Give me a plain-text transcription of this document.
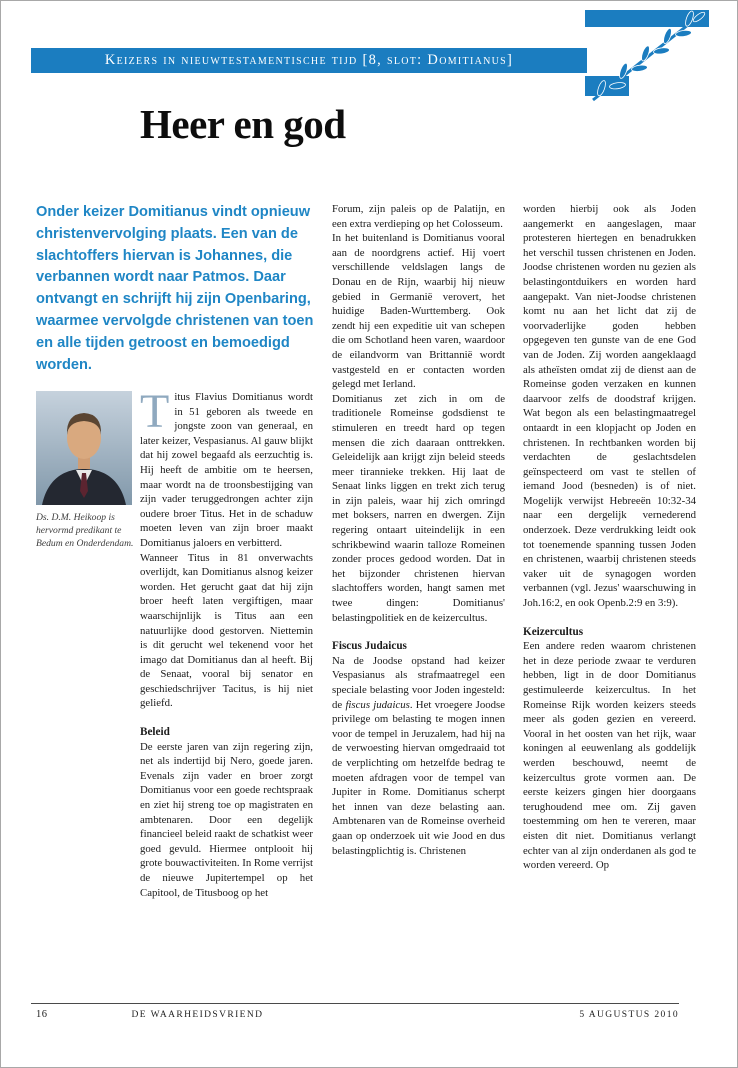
Keizers in nieuwtestamentische tijd [8, slot: Domitianus]
Heer en god

Onder keizer Domitianus vindt opnieuw christenvervolging plaats. Een van de slachtoffers hiervan is Johannes, die verbannen wordt naar Patmos. Daar ontvangt en schrijft hij zijn Openbaring, waarmee vervolgde christenen van toen en alle tijden getroost en bemoedigd worden.

Ds. D.M. Heikoop is hervormd predikant te Bedum en Onderdendam.

Titus Flavius Domitianus wordt in 51 geboren als tweede en jongste zoon van generaal, en later keizer, Vespasianus. Al gauw blijkt dat hij zowel begaafd als eerzuchtig is. Hij heeft de ambitie om te heersen, maar wordt na de troonsbestijging van zijn vader teruggedrongen achter zijn oudere broer Titus. Het in de schaduw moeten leven van zijn broer maakt Domitianus jaloers en verbitterd.

Wanneer Titus in 81 onverwachts overlijdt, kan Domitianus alsnog keizer worden. Het gerucht gaat dat hij zijn broer heeft laten vergiftigen, maar waarschijnlijk is Titus aan een natuurlijke dood gestorven. Niettemin is dit gerucht wel tekenend voor het imago dat Domitianus dan al heeft. Bij de Senaat, vooral bij senator en geschiedschrijver Tacitus, is hij niet geliefd.

Beleid

De eerste jaren van zijn regering zijn, net als indertijd bij Nero, goede jaren. Evenals zijn vader en broer zorgt Domitianus voor een goede rechtspraak en ziet hij streng toe op magistraten en ambtenaren. Door een degelijk financieel beleid raakt de schatkist weer goed gevuld. Hiermee ontplooit hij grote bouwactiviteiten. In Rome verrijst de nieuwe Jupitertempel op het Capitool, de Titusboog op het

Forum, zijn paleis op de Palatijn, en een extra verdieping op het Colosseum.

In het buitenland is Domitianus vooral aan de noordgrens actief. Hij voert verschillende veldslagen langs de Donau en de Rijn, waarbij hij nieuw gebied in Germanië verovert, het huidige Baden-Wurttemberg. Ook zendt hij een expeditie uit van schepen die om Schotland heen varen, waardoor de eilandvorm van Brittannië wordt vastgesteld en er contacten worden gelegd met Ierland.

Domitianus zet zich in om de traditionele Romeinse godsdienst te stimuleren en treedt hard op tegen mensen die zich daaraan onttrekken. Geleidelijk aan krijgt zijn beleid steeds meer tirannieke trekken. Hij laat de Senaat links liggen en trekt zich terug in zijn paleis, waar hij zich omringd met boksers, narren en dwergen. Zijn regering ontaart uiteindelijk in een schrikbewind waarin talloze Romeinen zonder proces gedood worden. Dat in het bijzonder christenen hiervan slachtoffers worden, hangt samen met twee dingen: Domitianus' belastingpolitiek en de keizercultus.

Fiscus Judaicus

Na de Joodse opstand had keizer Vespasianus als strafmaatregel een speciale belasting voor Joden ingesteld: de fiscus judaicus. Het vroegere Joodse privilege om belasting te mogen innen voor de tempel in Jeruzalem, had hij na de verwoesting hiervan omgedraaid tot de verplichting om hetzelfde bedrag te moeten afdragen voor de tempel van Jupiter in Rome. Domitianus scherpt het innen van deze belasting aan. Ambtenaren van de Romeinse overheid gaan op onderzoek uit wie Jood en dus belastingplichtig is. Christenen

worden hierbij ook als Joden aangemerkt en aangeslagen, maar protesteren hiertegen en benadrukken het verschil tussen christenen en Joden. Joodse christenen worden nu gezien als belastingontduikers en worden hard aangepakt. Van niet-Joodse christenen komt nu aan het licht dat zij de voorvaderlijke goden hebben opgegeven ten gunste van de ene God van de Joden. Zij worden aangeklaagd als atheïsten omdat zij de dienst aan de Romeinse goden verzaken en kunnen daarvoor zelfs de doodstraf krijgen. Wat begon als een belastingmaatregel ontaardt in een klopjacht op Joden en christenen. In rechtbanken worden bij verdachten de geslachtsdelen geïnspecteerd om vast te stellen of iemand Jood (besneden) is of niet. Mogelijk verwijst Hebreeën 10:32-34 naar een dergelijk vernederend onderzoek. Deze verdrukking leidt ook tot toenemende spanning tussen Joden en christenen, waarbij christenen steeds vaker uit de synagogen worden verbannen (vgl. Jezus' waarschuwing in Joh.16:2, en ook Openb.2:9 en 3:9).

Keizercultus

Een andere reden waarom christenen het in deze periode zwaar te verduren hebben, ligt in de door Domitianus gestimuleerde keizercultus. In het Romeinse Rijk worden keizers steeds meer als goden gezien en vereerd. Vooral in het oosten van het rijk, waar koningen al eeuwenlang als goddelijk werden beschouwd, neemt de keizercultus grote vormen aan. De eerste keizers gingen hier doorgaans terughoudend mee om. Zij gaven toestemming om hen te vereren, maar eisten dit niet. Domitianus verlangt echter van al zijn onderdanen als god te worden vereerd. Op

16	DE WAARHEIDSVRIEND	5 AUGUSTUS 2010
